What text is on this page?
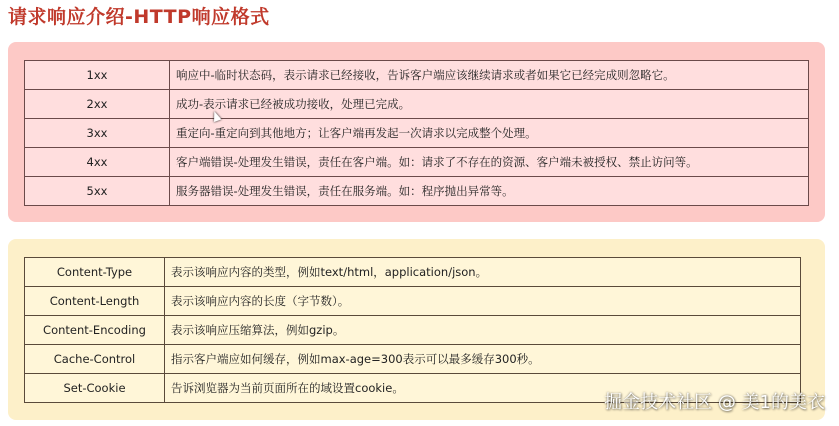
请求响应介绍-HTTP响应格式
1xx	响应中-临时状态码，表示请求已经接收，告诉客户端应该继续请求或者如果它已经完成则忽略它。
2xx	成功-表示请求已经被成功接收，处理已完成。
3xx	重定向-重定向到其他地方；让客户端再发起一次请求以完成整个处理。
4xx	客户端错误-处理发生错误，责任在客户端。如：请求了不存在的资源、客户端未被授权、禁止访问等。
5xx	服务器错误-处理发生错误，责任在服务端。如：程序抛出异常等。
Content-Type	表示该响应内容的类型，例如text/html，application/json。
Content-Length	表示该响应内容的长度（字节数）。
Content-Encoding	表示该响应压缩算法，例如gzip。
Cache-Control	指示客户端应如何缓存，例如max-age=300表示可以最多缓存300秒。
Set-Cookie	告诉浏览器为当前页面所在的域设置cookie。
掘金技术社区 @ 美1的美衣
